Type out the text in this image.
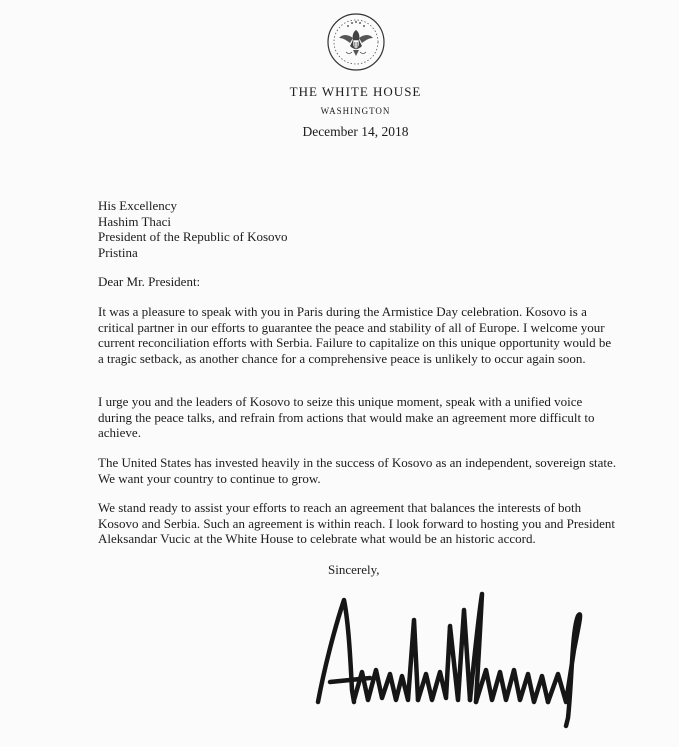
THE WHITE HOUSE
WASHINGTON
December 14, 2018
His Excellency
Hashim Thaci
President of the Republic of Kosovo
Pristina
Dear Mr. President:

It was a pleasure to speak with you in Paris during the Armistice Day celebration. Kosovo is a critical partner in our efforts to guarantee the peace and stability of all of Europe. I welcome your current reconciliation efforts with Serbia. Failure to capitalize on this unique opportunity would be a tragic setback, as another chance for a comprehensive peace is unlikely to occur again soon.

I urge you and the leaders of Kosovo to seize this unique moment, speak with a unified voice during the peace talks, and refrain from actions that would make an agreement more difficult to achieve.

The United States has invested heavily in the success of Kosovo as an independent, sovereign state. We want your country to continue to grow.

We stand ready to assist your efforts to reach an agreement that balances the interests of both Kosovo and Serbia. Such an agreement is within reach. I look forward to hosting you and President Aleksandar Vucic at the White House to celebrate what would be an historic accord.

Sincerely,
